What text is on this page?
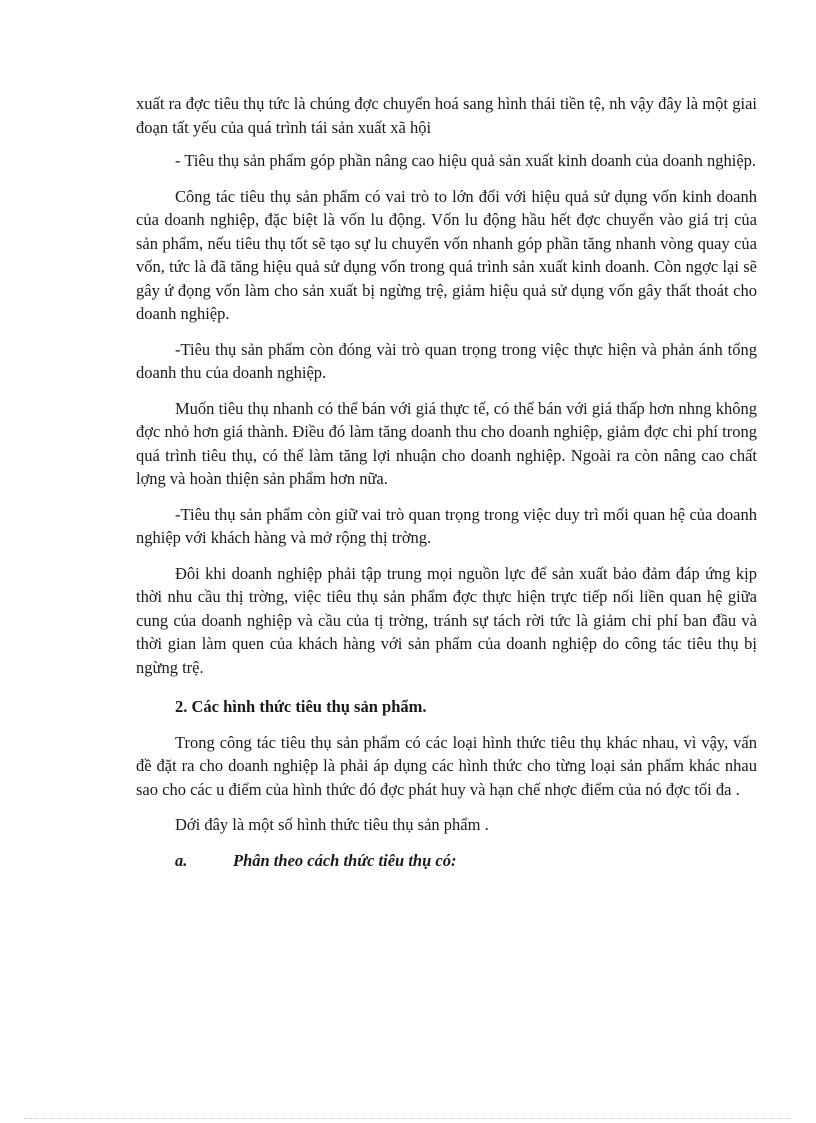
xuất ra đợc tiêu thụ tức là chúng đợc chuyển hoá sang hình thái tiền tệ, nh vậy đây là một giai đoạn tất yếu của quá trình tái sản xuất xã hội

- Tiêu thụ sản phẩm góp phần nâng cao hiệu quả sản xuất kinh doanh của doanh nghiệp.

Công tác tiêu thụ sản phẩm có vai trò to lớn đối với hiệu quả sử dụng vốn kinh doanh của doanh nghiệp, đặc biệt là vốn lu động. Vốn lu động hầu hết đợc chuyển vào giá trị của sản phẩm, nếu tiêu thụ tốt sẽ tạo sự lu chuyển vốn nhanh góp phần tăng nhanh vòng quay của vốn, tức là đã tăng hiệu quả sử dụng vốn trong quá trình sản xuất kinh doanh. Còn ngợc lại sẽ gây ứ đọng vốn làm cho sản xuất bị ngừng trệ, giảm hiệu quả sử dụng vốn gây thất thoát cho doanh nghiệp.

-Tiêu thụ sản phẩm còn đóng vài trò quan trọng trong việc thực hiện và phản ánh tổng doanh thu của doanh nghiệp.

Muốn tiêu thụ nhanh có thể bán với giá thực tế, có thể bán với giá thấp hơn nhng không đợc nhỏ hơn giá thành. Điều đó làm tăng doanh thu cho doanh nghiệp, giảm đợc chi phí trong quá trình tiêu thụ, có thể làm tăng lợi nhuận cho doanh nghiệp. Ngoài ra còn nâng cao chất lợng và hoàn thiện sản phẩm hơn nữa.

-Tiêu thụ sản phẩm còn giữ vai trò quan trọng trong việc duy trì mối quan hệ của doanh nghiệp với khách hàng và mở rộng thị trờng.

Đôi khi doanh nghiệp phải tập trung mọi nguồn lực để sản xuất bảo đảm đáp ứng kịp thời nhu cầu thị trờng, việc tiêu thụ sản phẩm đợc thực hiện trực tiếp nối liền quan hệ giữa cung của doanh nghiệp và cầu của tị trờng, tránh sự tách rời tức là giảm chi phí ban đầu và thời gian làm quen của khách hàng với sản phẩm của doanh nghiệp do công tác tiêu thụ bị ngừng trệ.

2. Các hình thức tiêu thụ sản phẩm.

Trong công tác tiêu thụ sản phẩm có các loại hình thức tiêu thụ khác nhau, vì vậy, vấn đề đặt ra cho doanh nghiệp là phải áp dụng các hình thức cho từng loại sản phẩm khác nhau sao cho các u điểm của hình thức đó đợc phát huy và hạn chế nhợc điểm của nó đợc tối đa .

Dới đây là một số hình thức tiêu thụ sản phẩm .

a.	Phân theo cách thức tiêu thụ có:
